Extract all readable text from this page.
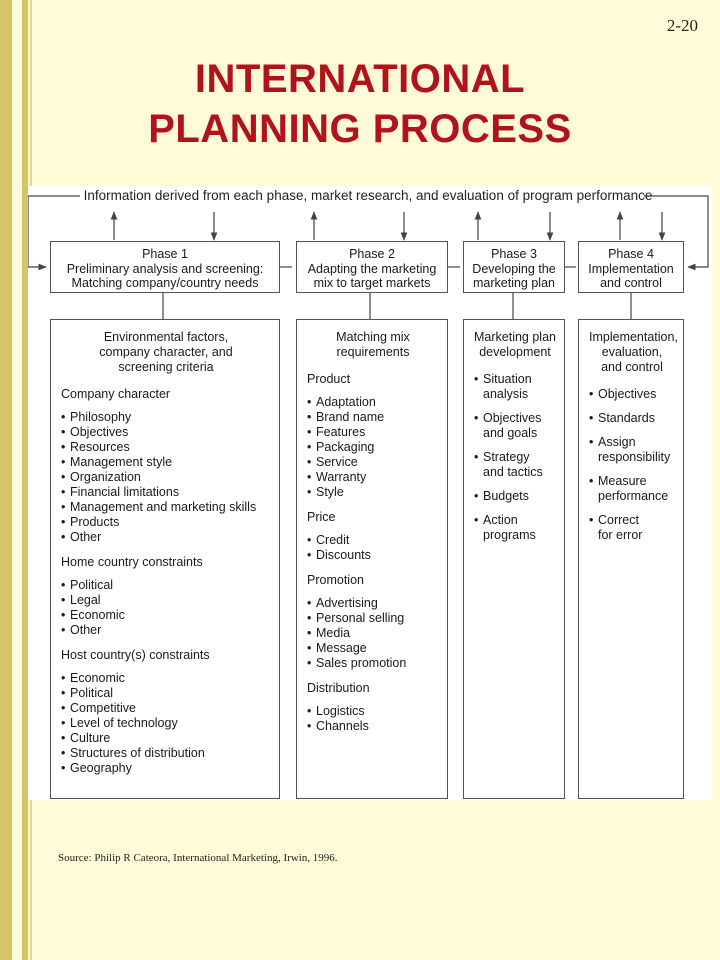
2-20
INTERNATIONAL
PLANNING PROCESS
Information derived from each phase, market research, and evaluation of program performance
Phase 1
Preliminary analysis and screening:
Matching company/country needs
Phase 2
Adapting the marketing
mix to target markets
Phase 3
Developing the
marketing plan
Phase 4
Implementation
and control
Environmental factors,
company character, and
screening criteria
Company character
• Philosophy
• Objectives
• Resources
• Management style
• Organization
• Financial limitations
• Management and marketing skills
• Products
• Other
Home country constraints
• Political
• Legal
• Economic
• Other
Host country(s) constraints
• Economic
• Political
• Competitive
• Level of technology
• Culture
• Structures of distribution
• Geography
Matching mix
requirements
Product
• Adaptation
• Brand name
• Features
• Packaging
• Service
• Warranty
• Style
Price
• Credit
• Discounts
Promotion
• Advertising
• Personal selling
• Media
• Message
• Sales promotion
Distribution
• Logistics
• Channels
Marketing plan
development
• Situation
analysis
• Objectives
and goals
• Strategy
and tactics
• Budgets
• Action
programs
Implementation,
evaluation,
and control
• Objectives
• Standards
• Assign
responsibility
• Measure
performance
• Correct
for error
Source: Philip R Cateora, International Marketing, Irwin, 1996.
